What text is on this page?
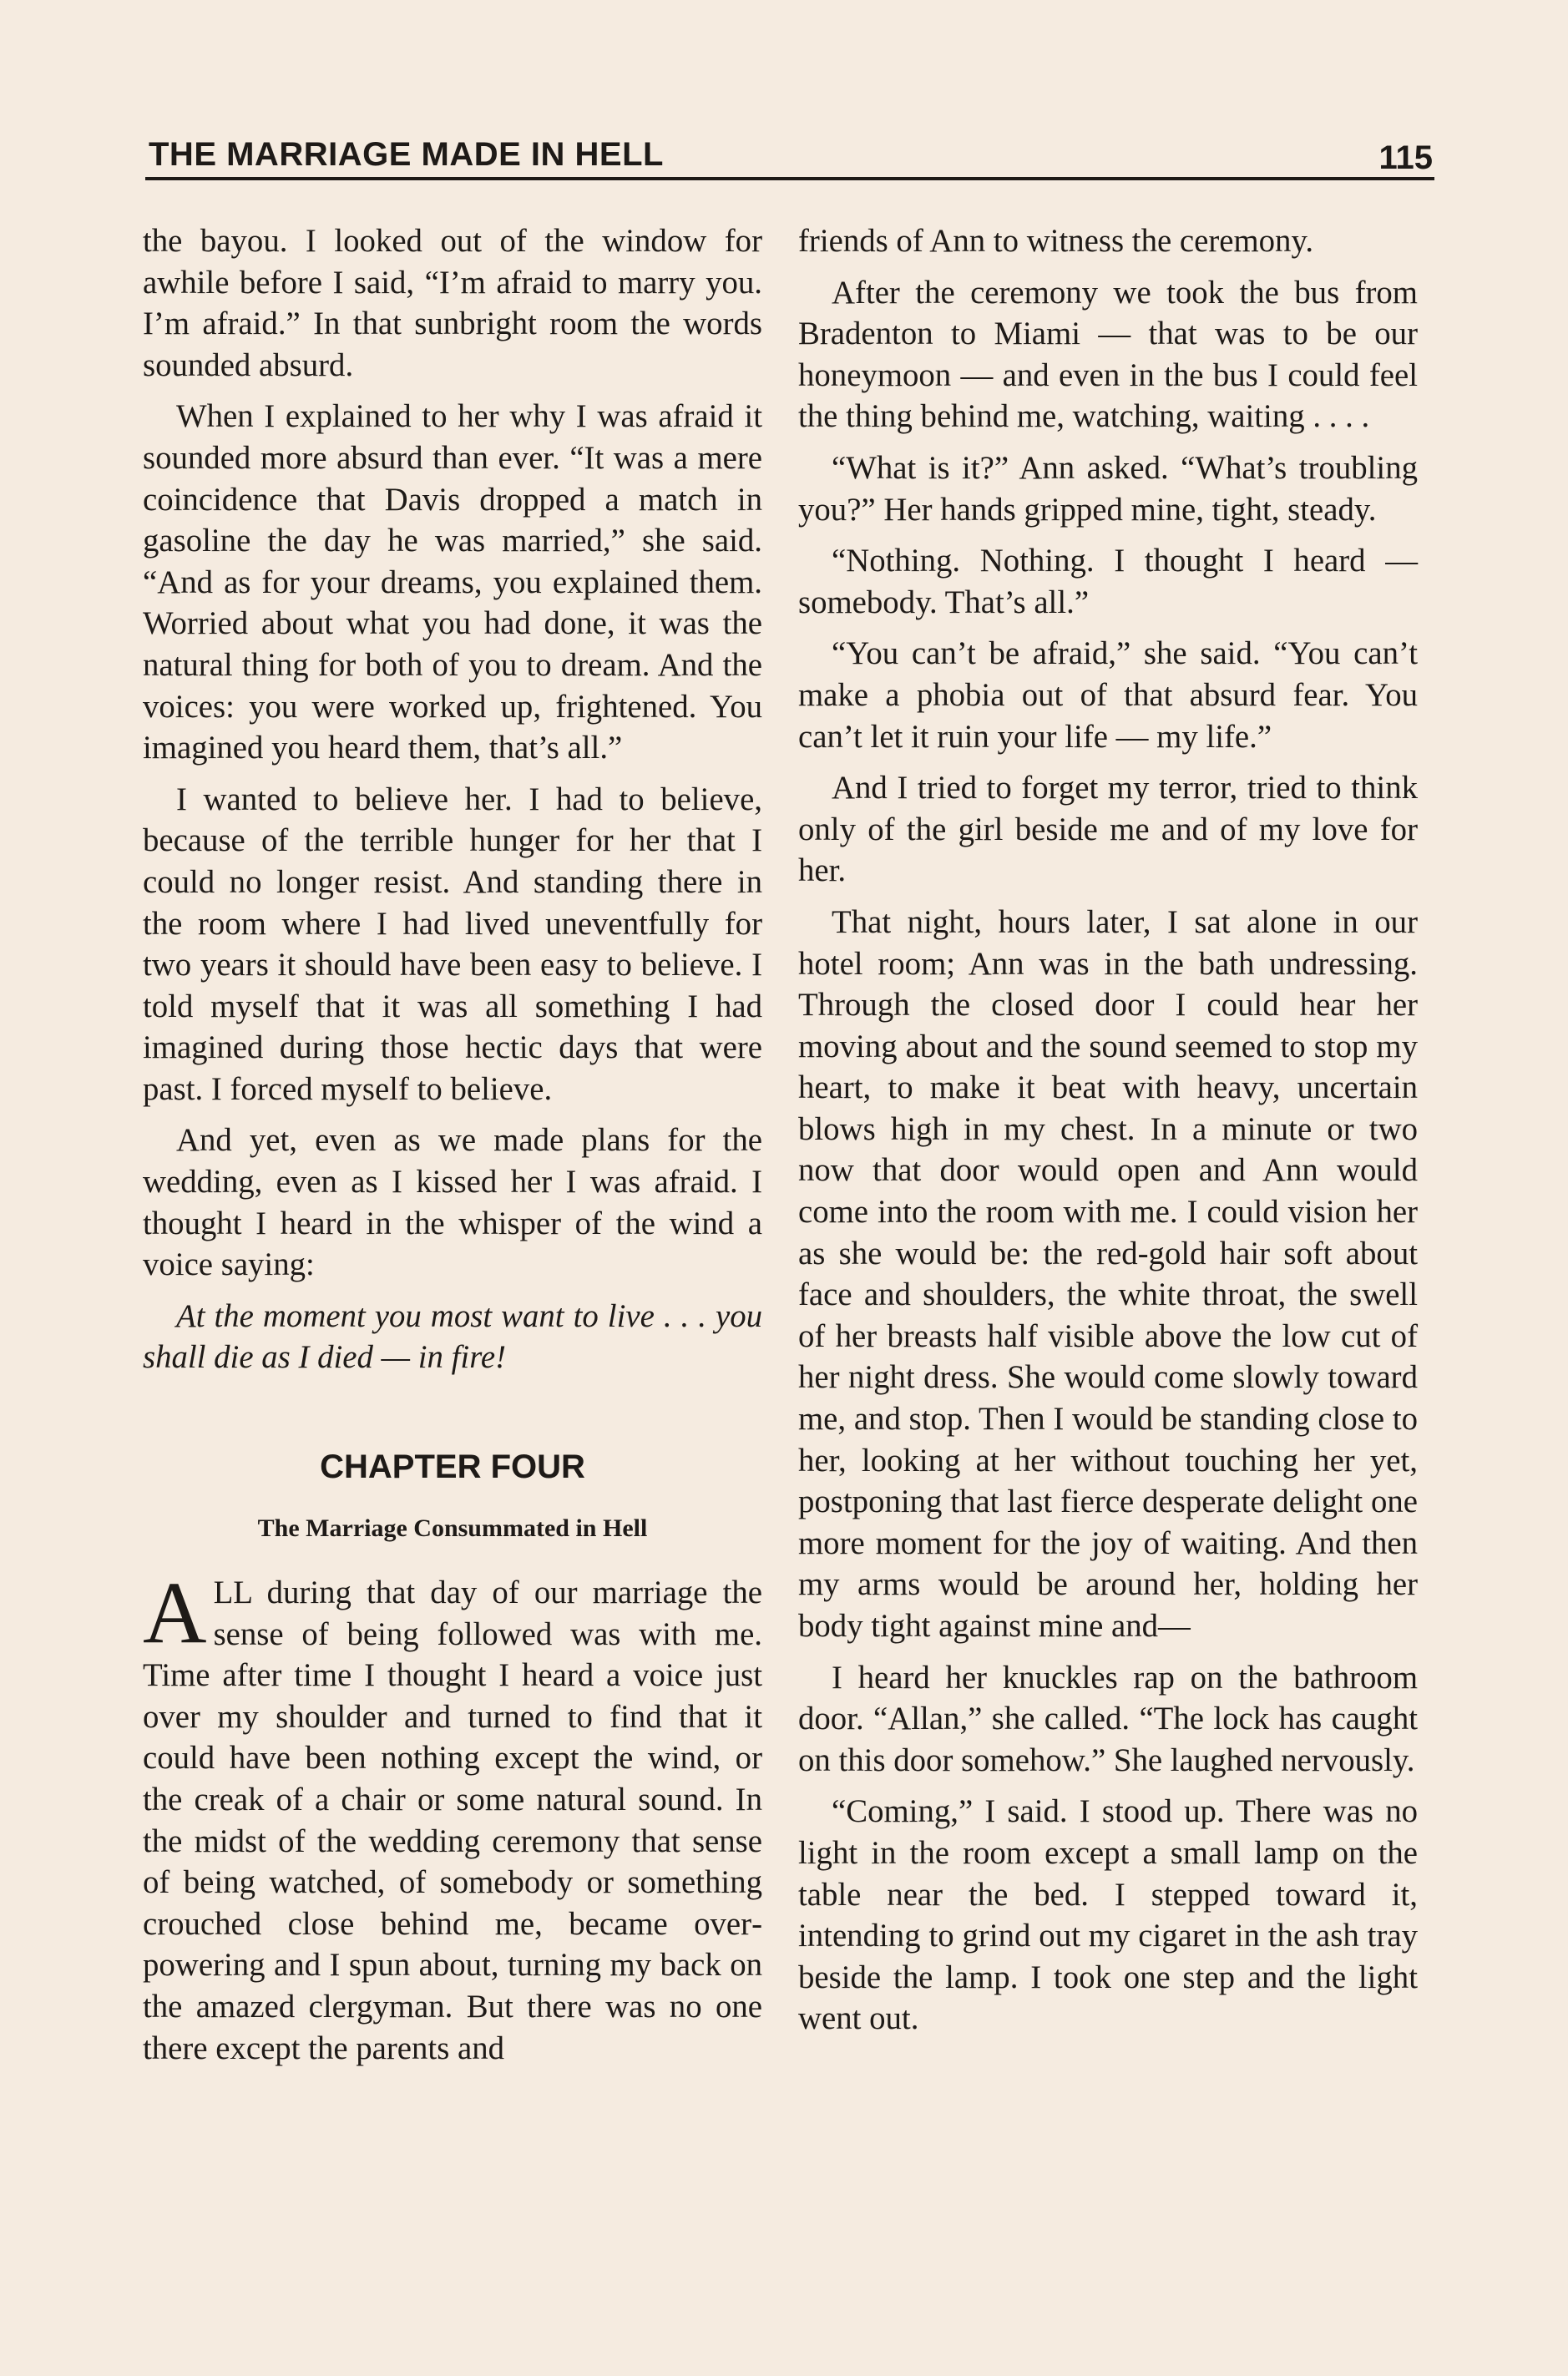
THE MARRIAGE MADE IN HELL	115

the bayou. I looked out of the window for awhile before I said, “I’m afraid to marry you. I’m afraid.” In that sunbright room the words sounded absurd.

When I explained to her why I was afraid it sounded more absurd than ever. “It was a mere coincidence that Davis dropped a match in gasoline the day he was married,” she said. “And as for your dreams, you explained them. Worried about what you had done, it was the natural thing for both of you to dream. And the voices: you were worked up, frightened. You imagined you heard them, that’s all.”

I wanted to believe her. I had to believe, because of the terrible hunger for her that I could no longer resist. And standing there in the room where I had lived uneventfully for two years it should have been easy to believe. I told myself that it was all something I had imagined during those hectic days that were past. I forced myself to believe.

And yet, even as we made plans for the wedding, even as I kissed her I was afraid. I thought I heard in the whisper of the wind a voice saying:

At the moment you most want to live . . . you shall die as I died — in fire!

CHAPTER FOUR
The Marriage Consummated in Hell

ALL during that day of our marriage the sense of being followed was with me. Time after time I thought I heard a voice just over my shoulder and turned to find that it could have been nothing except the wind, or the creak of a chair or some natural sound. In the midst of the wedding ceremony that sense of being watched, of somebody or something crouched close behind me, became overpowering and I spun about, turning my back on the amazed clergyman. But there was no one there except the parents and

friends of Ann to witness the ceremony.

After the ceremony we took the bus from Bradenton to Miami — that was to be our honeymoon — and even in the bus I could feel the thing behind me, watching, waiting . . . .

“What is it?” Ann asked. “What’s troubling you?” Her hands gripped mine, tight, steady.

“Nothing. Nothing. I thought I heard — somebody. That’s all.”

“You can’t be afraid,” she said. “You can’t make a phobia out of that absurd fear. You can’t let it ruin your life — my life.”

And I tried to forget my terror, tried to think only of the girl beside me and of my love for her.

That night, hours later, I sat alone in our hotel room; Ann was in the bath undressing. Through the closed door I could hear her moving about and the sound seemed to stop my heart, to make it beat with heavy, uncertain blows high in my chest. In a minute or two now that door would open and Ann would come into the room with me. I could vision her as she would be: the red-gold hair soft about face and shoulders, the white throat, the swell of her breasts half visible above the low cut of her night dress. She would come slowly toward me, and stop. Then I would be standing close to her, looking at her without touching her yet, postponing that last fierce desperate delight one more moment for the joy of waiting. And then my arms would be around her, holding her body tight against mine and—

I heard her knuckles rap on the bathroom door. “Allan,” she called. “The lock has caught on this door somehow.” She laughed nervously.

“Coming,” I said. I stood up. There was no light in the room except a small lamp on the table near the bed. I stepped toward it, intending to grind out my cigaret in the ash tray beside the lamp. I took one step and the light went out.
